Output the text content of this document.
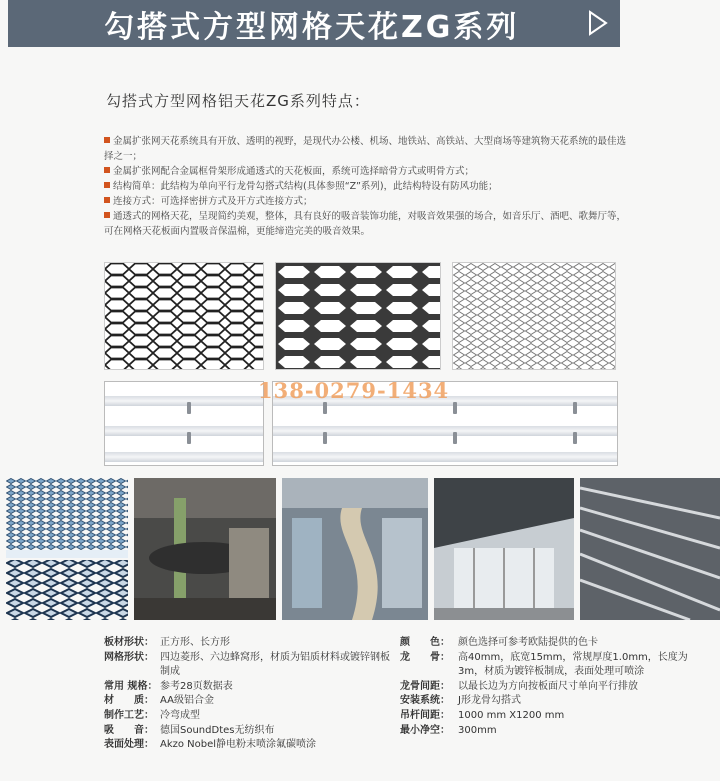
勾搭式方型网格天花ZG系列
勾搭式方型网格铝天花ZG系列特点：

金属扩张网天花系统具有开放、透明的视野，是现代办公楼、机场、地铁站、高铁站、大型商场等建筑物天花系统的最佳选择之一；

金属扩张网配合金属框骨架形成通透式的天花板面，系统可选择暗骨方式或明骨方式；

结构简单：此结构为单向平行龙骨勾搭式结构(具体参照“Z”系列)，此结构特设有防风功能；

连接方式：可选择密拼方式及开方式连接方式；

通透式的网格天花，呈现简约美观，整体，具有良好的吸音装饰功能，对吸音效果强的场合，如音乐厅、酒吧、歌舞厅等，可在网格天花板面内置吸音保温棉，更能缔造完美的吸音效果。

138-0279-1434
板材形状： 正方形、长方形
网格形状： 四边菱形、六边蜂窝形，材质为铝质材料或镀锌钢板制成
常用 规格： 参考28页数据表
材　　质： AA级铝合金
制作工艺： 冷弯成型
吸　　音： 德国SoundDtes无纺织布
表面处理： Akzo Nobel静电粉末喷涂氟碳喷涂
颜　　色： 颜色选择可参考欧陆提供的色卡
龙　　骨： 高40mm，底宽15mm，常规厚度1.0mm，长度为3m，材质为镀锌板制成，表面处理可喷涂
龙骨间距： 以最长边为方向按板面尺寸单向平行排放
安装系统： J形龙骨勾搭式
吊杆间距： 1000 mm X1200 mm
最小净空： 300mm
